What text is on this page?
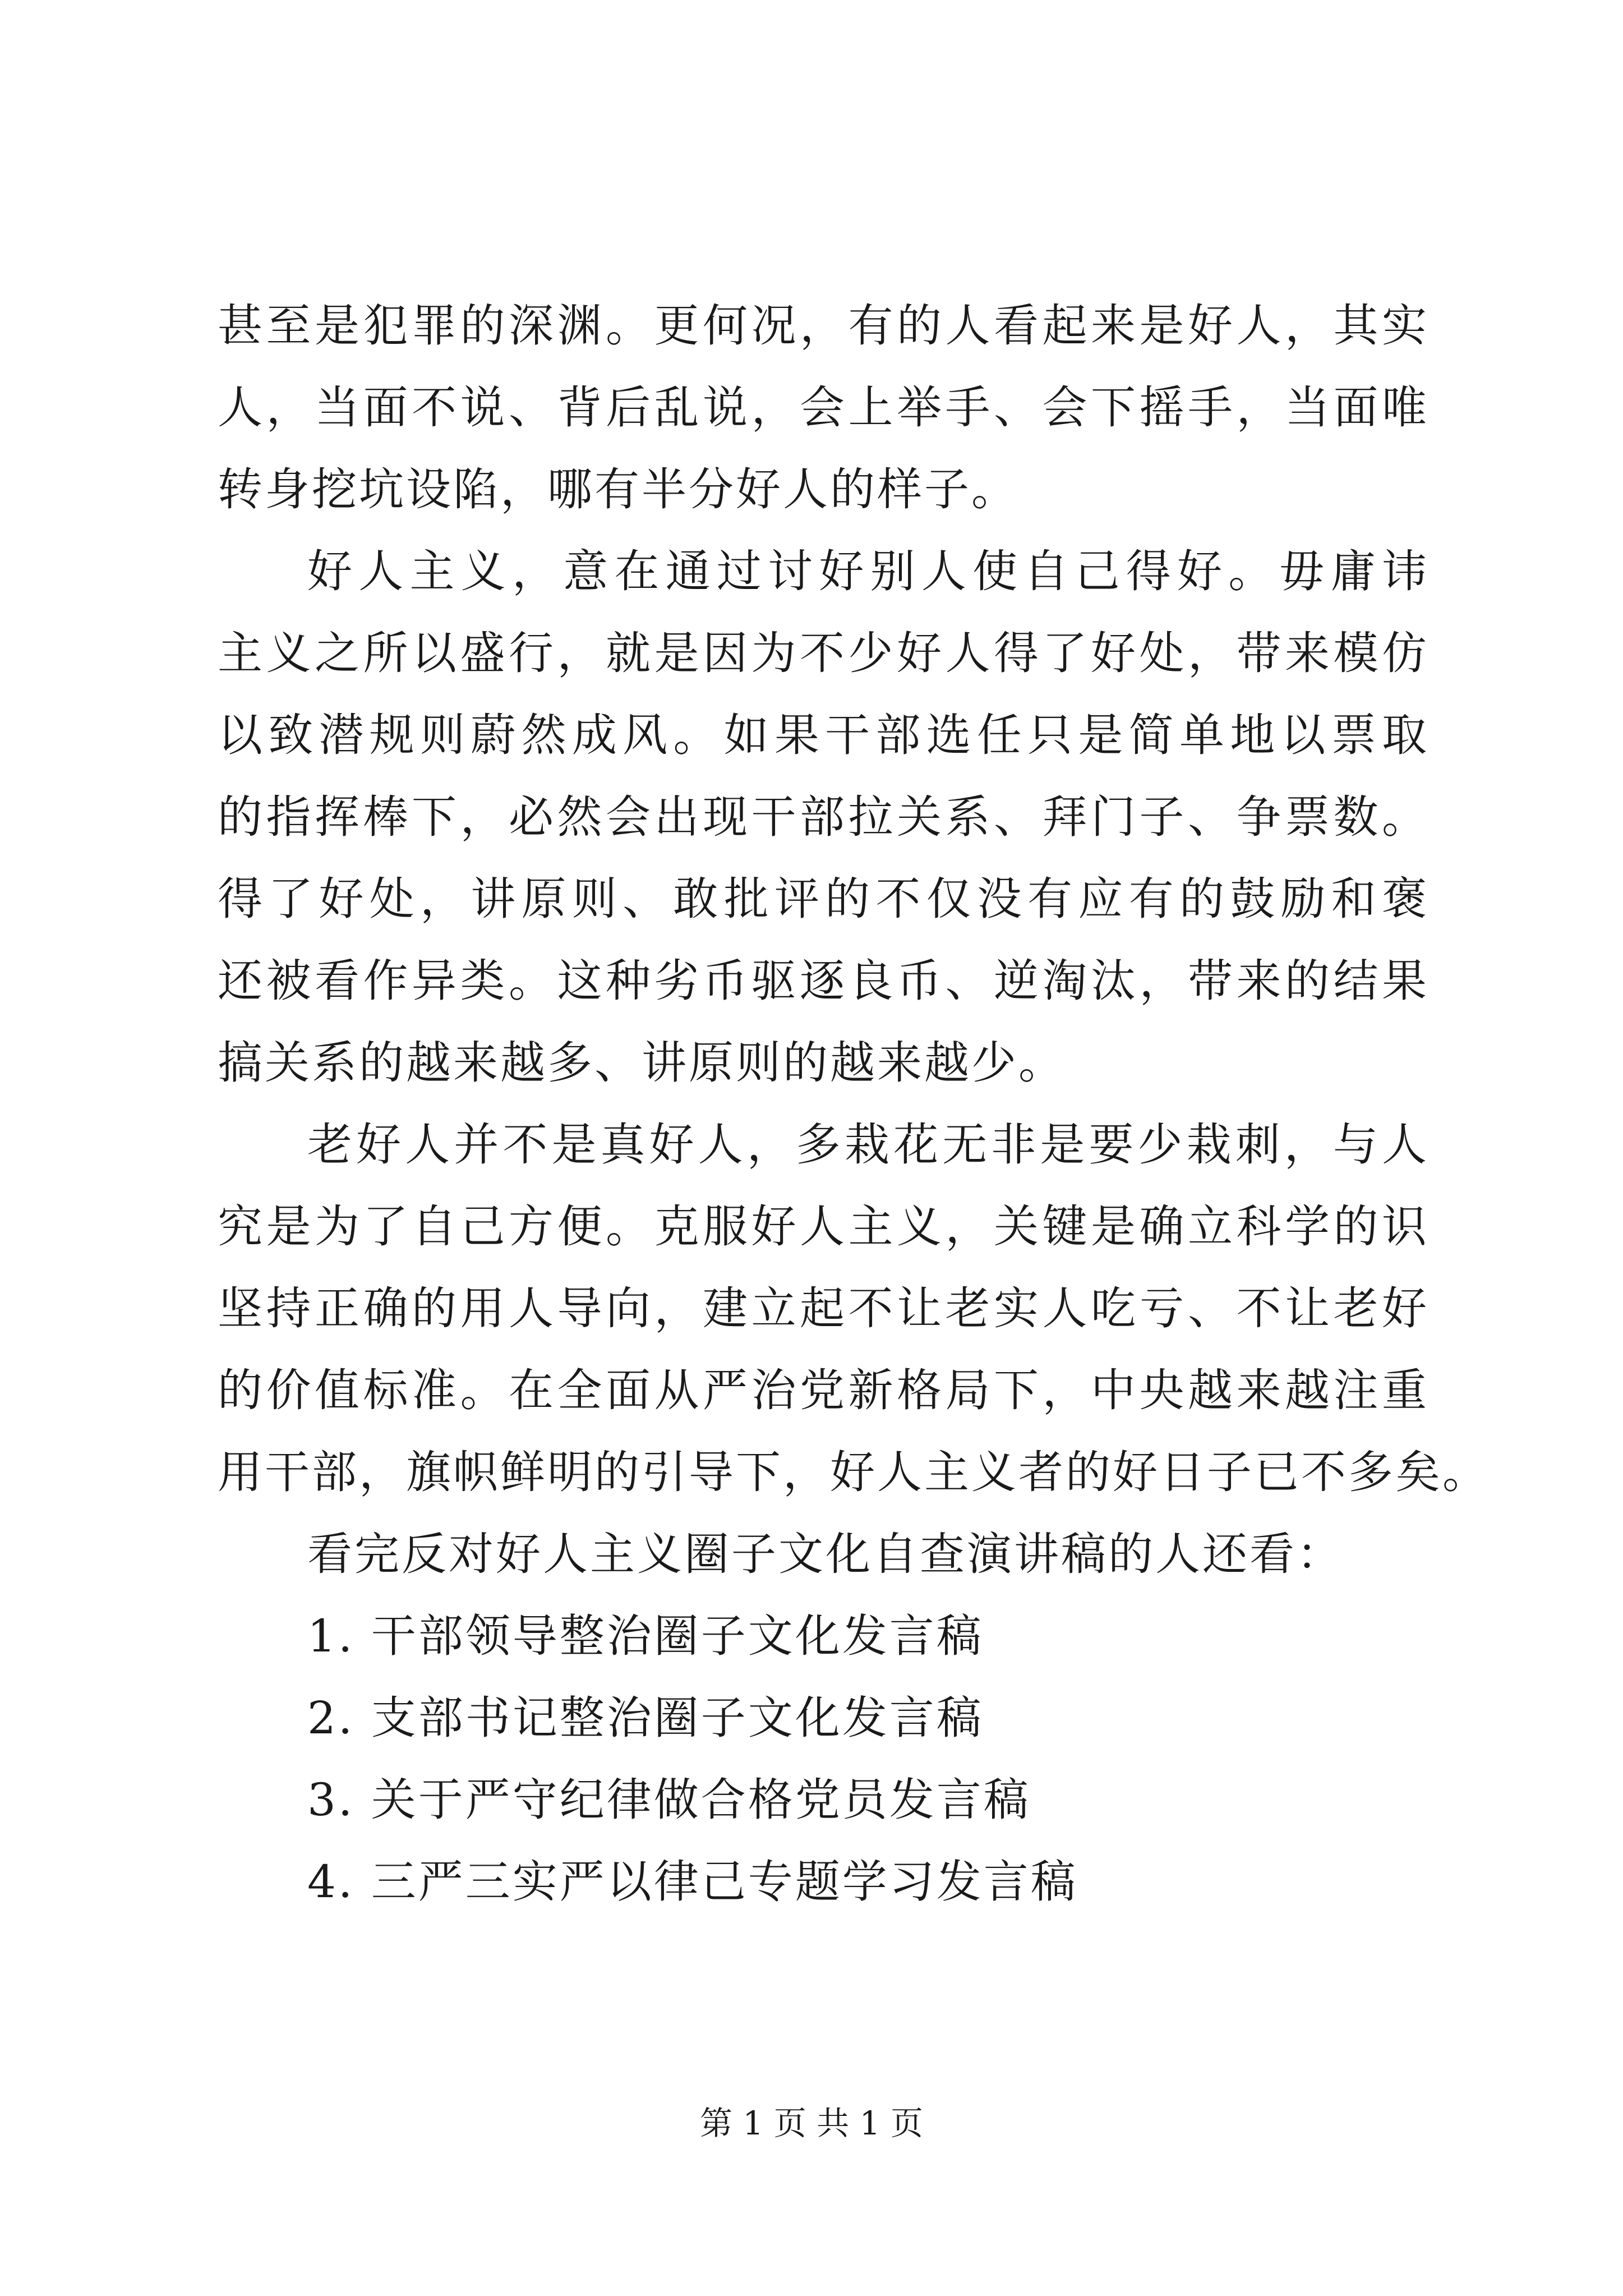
甚至是犯罪的深渊。更何况，有的人看起来是好人，其实
人，当面不说、背后乱说，会上举手、会下摇手，当面唯
转身挖坑设陷，哪有半分好人的样子。
好人主义，意在通过讨好别人使自己得好。毋庸讳
主义之所以盛行，就是因为不少好人得了好处，带来模仿
以致潜规则蔚然成风。如果干部选任只是简单地以票取
的指挥棒下，必然会出现干部拉关系、拜门子、争票数。
得了好处，讲原则、敢批评的不仅没有应有的鼓励和褒
还被看作异类。这种劣币驱逐良币、逆淘汰，带来的结果
搞关系的越来越多、讲原则的越来越少。
老好人并不是真好人，多栽花无非是要少栽刺，与人
究是为了自己方便。克服好人主义，关键是确立科学的识
坚持正确的用人导向，建立起不让老实人吃亏、不让老好
的价值标准。在全面从严治党新格局下，中央越来越注重
用干部，旗帜鲜明的引导下，好人主义者的好日子已不多矣。
看完反对好人主义圈子文化自查演讲稿的人还看：
1. 干部领导整治圈子文化发言稿
2. 支部书记整治圈子文化发言稿
3. 关于严守纪律做合格党员发言稿
4. 三严三实严以律己专题学习发言稿
第 1 页 共 1 页
